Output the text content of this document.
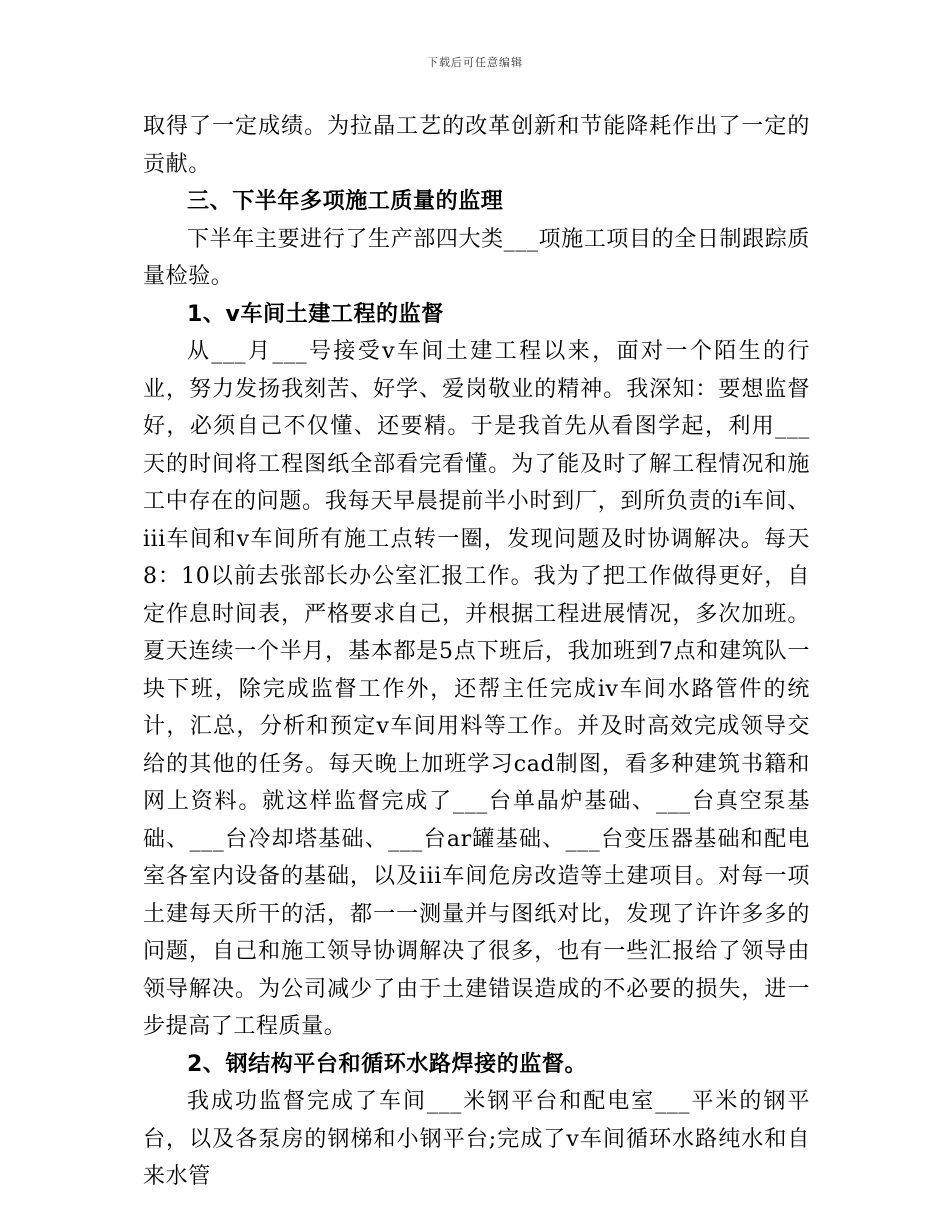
下载后可任意编辑

取得了一定成绩。为拉晶工艺的改革创新和节能降耗作出了一定的贡献。

三、下半年多项施工质量的监理

下半年主要进行了生产部四大类___项施工项目的全日制跟踪质量检验。

1、v车间土建工程的监督

从___月___号接受v车间土建工程以来，面对一个陌生的行业，努力发扬我刻苦、好学、爱岗敬业的精神。我深知：要想监督好，必须自己不仅懂、还要精。于是我首先从看图学起，利用___天的时间将工程图纸全部看完看懂。为了能及时了解工程情况和施工中存在的问题。我每天早晨提前半小时到厂，到所负责的i车间、iii车间和v车间所有施工点转一圈，发现问题及时协调解决。每天8：10以前去张部长办公室汇报工作。我为了把工作做得更好，自定作息时间表，严格要求自己，并根据工程进展情况，多次加班。夏天连续一个半月，基本都是5点下班后，我加班到7点和建筑队一块下班，除完成监督工作外，还帮主任完成iv车间水路管件的统计，汇总，分析和预定v车间用料等工作。并及时高效完成领导交给的其他的任务。每天晚上加班学习cad制图，看多种建筑书籍和网上资料。就这样监督完成了___台单晶炉基础、___台真空泵基础、___台冷却塔基础、___台ar罐基础、___台变压器基础和配电室各室内设备的基础，以及iii车间危房改造等土建项目。对每一项土建每天所干的活，都一一测量并与图纸对比，发现了许许多多的问题，自己和施工领导协调解决了很多，也有一些汇报给了领导由领导解决。为公司减少了由于土建错误造成的不必要的损失，进一步提高了工程质量。

2、钢结构平台和循环水路焊接的监督。

我成功监督完成了车间___米钢平台和配电室___平米的钢平台，以及各泵房的钢梯和小钢平台;完成了v车间循环水路纯水和自来水管
